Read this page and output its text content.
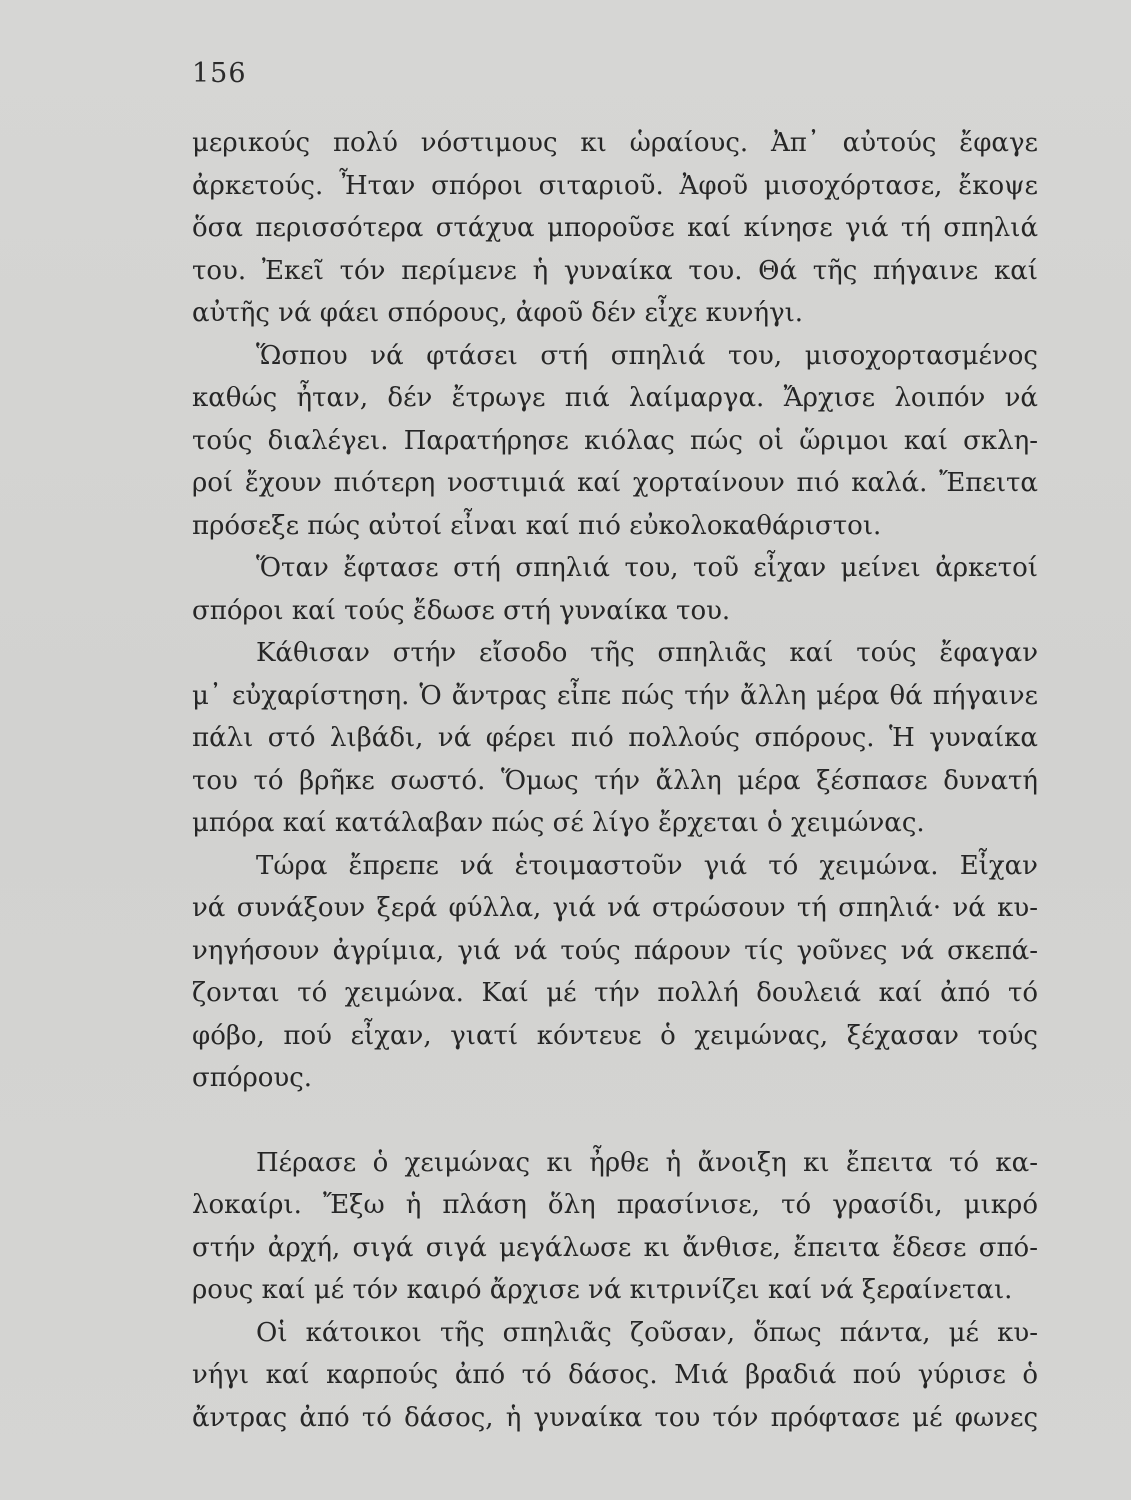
156
μερικούς πολύ νόστιμους κι ὡραίους. Ἀπ᾽ αὐτούς ἔφαγε
ἀρκετούς. Ἦταν σπόροι σιταριοῦ. Ἀφοῦ μισοχόρτασε, ἔκοψε
ὅσα περισσότερα στάχυα μποροῦσε καί κίνησε γιά τή σπηλιά
του. Ἐκεῖ τόν περίμενε ἡ γυναίκα του. Θά τῆς πήγαινε καί
αὐτῆς νά φάει σπόρους, ἀφοῦ δέν εἶχε κυνήγι.
Ὥσπου νά φτάσει στή σπηλιά του, μισοχορτασμένος
καθώς ἦταν, δέν ἔτρωγε πιά λαίμαργα. Ἄρχισε λοιπόν νά
τούς διαλέγει. Παρατήρησε κιόλας πώς οἱ ὥριμοι καί σκλη-
ροί ἔχουν πιότερη νοστιμιά καί χορταίνουν πιό καλά. Ἔπειτα
πρόσεξε πώς αὐτοί εἶναι καί πιό εὐκολοκαθάριστοι.
Ὅταν ἔφτασε στή σπηλιά του, τοῦ εἶχαν μείνει ἀρκετοί
σπόροι καί τούς ἔδωσε στή γυναίκα του.
Κάθισαν στήν εἴσοδο τῆς σπηλιᾶς καί τούς ἔφαγαν
μ᾽ εὐχαρίστηση. Ὁ ἄντρας εἶπε πώς τήν ἄλλη μέρα θά πήγαινε
πάλι στό λιβάδι, νά φέρει πιό πολλούς σπόρους. Ἡ γυναίκα
του τό βρῆκε σωστό. Ὅμως τήν ἄλλη μέρα ξέσπασε δυνατή
μπόρα καί κατάλαβαν πώς σέ λίγο ἔρχεται ὁ χειμώνας.
Τώρα ἔπρεπε νά ἑτοιμαστοῦν γιά τό χειμώνα. Εἶχαν
νά συνάξουν ξερά φύλλα, γιά νά στρώσουν τή σπηλιά· νά κυ-
νηγήσουν ἀγρίμια, γιά νά τούς πάρουν τίς γοῦνες νά σκεπά-
ζονται τό χειμώνα. Καί μέ τήν πολλή δουλειά καί ἀπό τό
φόβο, πού εἶχαν, γιατί κόντευε ὁ χειμώνας, ξέχασαν τούς
σπόρους.
Πέρασε ὁ χειμώνας κι ἦρθε ἡ ἄνοιξη κι ἔπειτα τό κα-
λοκαίρι. Ἔξω ἡ πλάση ὅλη πρασίνισε, τό γρασίδι, μικρό
στήν ἀρχή, σιγά σιγά μεγάλωσε κι ἄνθισε, ἔπειτα ἔδεσε σπό-
ρους καί μέ τόν καιρό ἄρχισε νά κιτρινίζει καί νά ξεραίνεται.
Οἱ κάτοικοι τῆς σπηλιᾶς ζοῦσαν, ὅπως πάντα, μέ κυ-
νήγι καί καρπούς ἀπό τό δάσος. Μιά βραδιά πού γύρισε ὁ
ἄντρας ἀπό τό δάσος, ἡ γυναίκα του τόν πρόφτασε μέ φωνες
